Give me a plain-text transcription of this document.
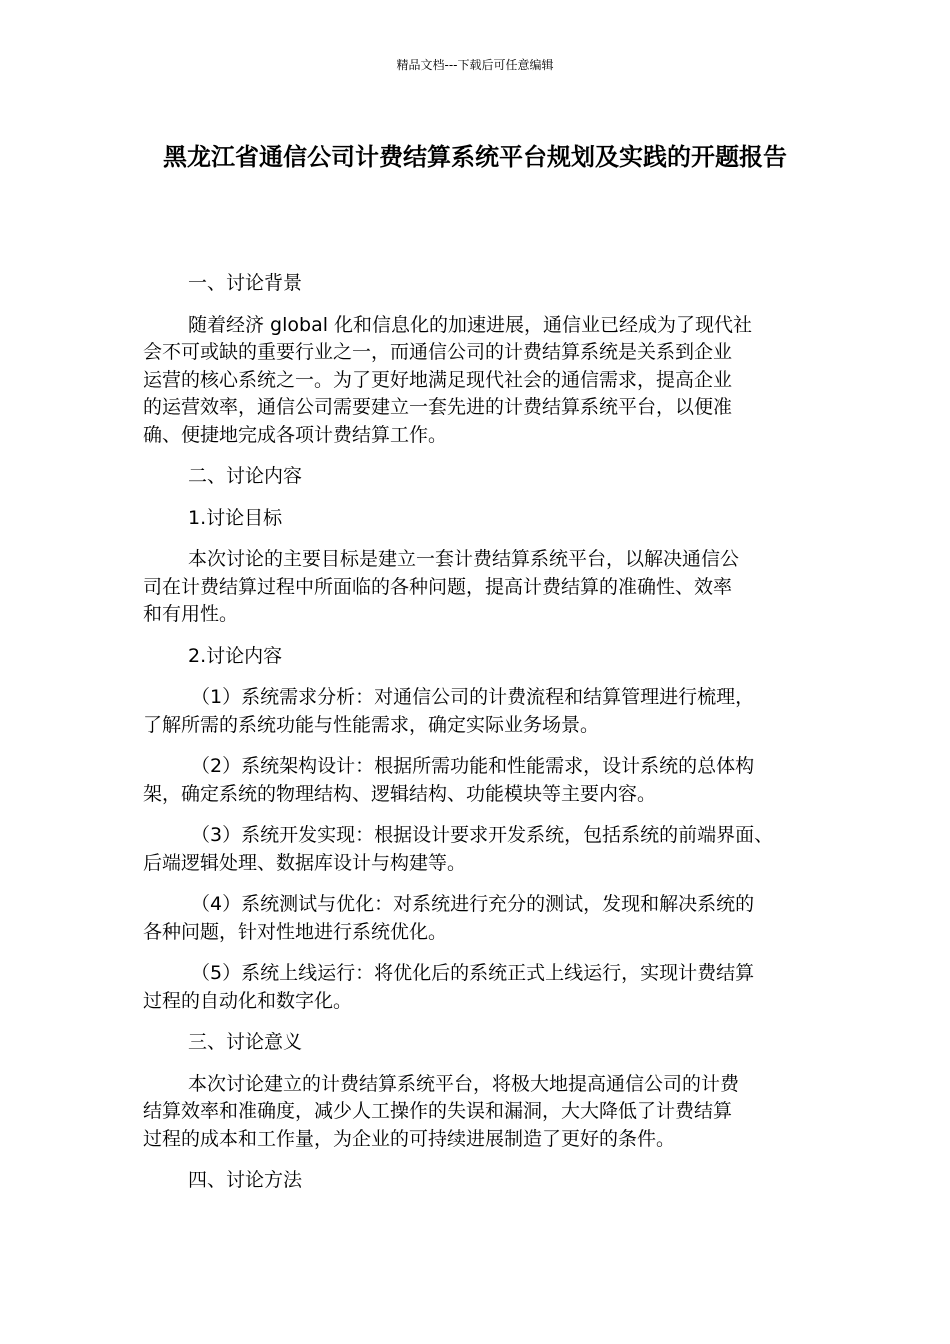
精品文档---下载后可任意编辑
黑龙江省通信公司计费结算系统平台规划及实践的开题报告

一、讨论背景

随着经济 global 化和信息化的加速进展，通信业已经成为了现代社
会不可或缺的重要行业之一，而通信公司的计费结算系统是关系到企业
运营的核心系统之一。为了更好地满足现代社会的通信需求，提高企业
的运营效率，通信公司需要建立一套先进的计费结算系统平台，以便准
确、便捷地完成各项计费结算工作。

二、讨论内容

1.讨论目标

本次讨论的主要目标是建立一套计费结算系统平台，以解决通信公
司在计费结算过程中所面临的各种问题，提高计费结算的准确性、效率
和有用性。

2.讨论内容

（1）系统需求分析：对通信公司的计费流程和结算管理进行梳理，
了解所需的系统功能与性能需求，确定实际业务场景。

（2）系统架构设计：根据所需功能和性能需求，设计系统的总体构
架，确定系统的物理结构、逻辑结构、功能模块等主要内容。

（3）系统开发实现：根据设计要求开发系统，包括系统的前端界面、
后端逻辑处理、数据库设计与构建等。

（4）系统测试与优化：对系统进行充分的测试，发现和解决系统的
各种问题，针对性地进行系统优化。

（5）系统上线运行：将优化后的系统正式上线运行，实现计费结算
过程的自动化和数字化。

三、讨论意义

本次讨论建立的计费结算系统平台，将极大地提高通信公司的计费
结算效率和准确度，减少人工操作的失误和漏洞，大大降低了计费结算
过程的成本和工作量，为企业的可持续进展制造了更好的条件。

四、讨论方法
